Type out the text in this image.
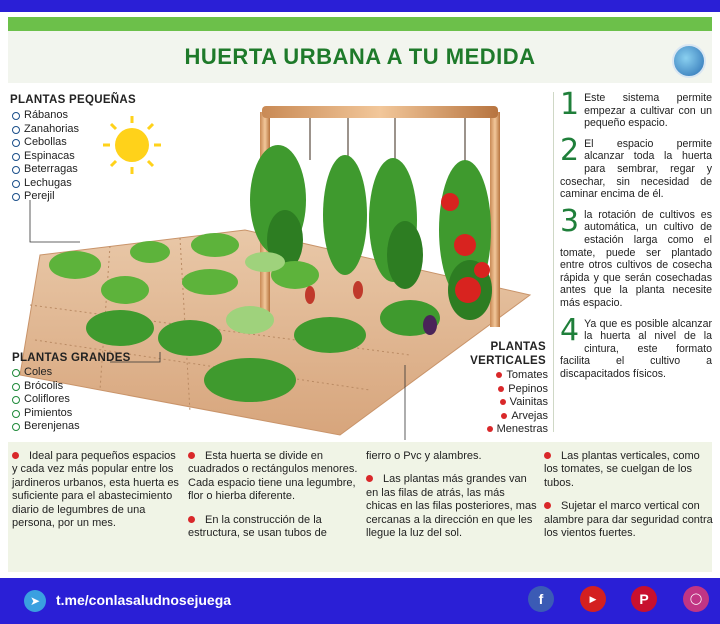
HUERTA URBANA A TU MEDIDA
PLANTAS PEQUEÑAS
Rábanos
Zanahorias
Cebollas
Espinacas
Beterragas
Lechugas
Perejil
PLANTAS GRANDES
Coles
Brócolis
Coliflores
Pimientos
Berenjenas
PLANTAS
VERTICALES
Tomates
Pepinos
Vainitas
Arvejas
Menestras
1 Este sistema permite empezar a cultivar con un pequeño espacio.
2 El espacio permite alcanzar toda la huerta para sembrar, regar y cosechar, sin necesidad de caminar encima de él.
3 la rotación de cultivos es automática, un cultivo de estación larga como el tomate, puede ser plantado entre otros cultivos de cosecha rápida y que serán cosechadas antes que la planta necesite más espacio.
4 Ya que es posible alcanzar la huerta al nivel de la cintura, este formato facilita el cultivo a discapacitados físicos.

Ideal para pequeños espacios y cada vez más popular entre los jardineros urbanos, esta huerta es suficiente para el abastecimiento diario de legumbres de una persona, por un mes.

Esta huerta se divide en cuadrados o rectángulos menores. Cada espacio tiene una legumbre, flor o hierba diferente.

En la construcción de la estructura, se usan tubos de

fierro o Pvc y alambres.

Las plantas más grandes van en las filas de atrás, las más chicas en las filas posteriores, mas cercanas a la dirección en que les llegue la luz del sol.

Las plantas verticales, como los tomates, se cuelgan de los tubos.

Sujetar el marco vertical con alambre para dar seguridad contra los vientos fuertes.

➤	t.me/conlasaludnosejuega	f	▶	P	◯
